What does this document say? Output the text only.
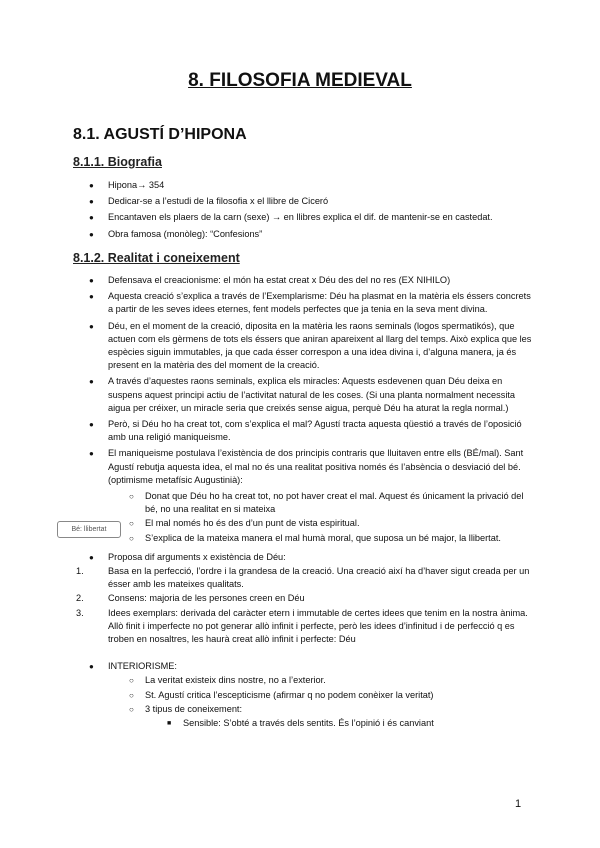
8. FILOSOFIA MEDIEVAL
8.1. AGUSTÍ D’HIPONA
8.1.1. Biografia
● Hipona→ 354
● Dedicar-se a l’estudi de la filosofia x el llibre de Ciceró
● Encantaven els plaers de la carn (sexe) → en llibres explica el dif. de mantenir-se en castedat.
● Obra famosa (monòleg): “Confesions”
8.1.2. Realitat i coneixement
● Defensava el creacionisme: el món ha estat creat x Déu des del no res (EX NIHILO)
● Aquesta creació s’explica a través de l’Exemplarisme: Déu ha plasmat en la matèria els éssers concrets a partir de les seves idees eternes, fent models perfectes que ja tenia en la seva ment divina.
● Déu, en el moment de la creació, diposita en la matèria les raons seminals (logos spermatikós), que actuen com els gèrmens de tots els éssers que aniran apareixent al llarg del temps. Això explica que les espècies siguin immutables, ja que cada ésser correspon a una idea divina i, d’alguna manera, ja és present en la matèria des del moment de la creació.
● A través d’aquestes raons seminals, explica els miracles: Aquests esdevenen quan Déu deixa en suspens aquest principi actiu de l’activitat natural de les coses. (Si una planta normalment necessita aigua per créixer, un miracle seria que creixés sense aigua, perquè Déu ha aturat la regla normal.)
● Però, si Déu ho ha creat tot, com s’explica el mal? Agustí tracta aquesta qüestió a través de l’oposició amb una religió maniqueisme.
● El maniqueisme postulava l’existència de dos principis contraris que lluitaven entre ells (BÉ/mal). Sant Agustí rebutja aquesta idea, el mal no és una realitat positiva només és l’absència o desviació del bé. (optimisme metafísic Augustinià):
○ Donat que Déu ho ha creat tot, no pot haver creat el mal. Aquest és únicament la privació del bé, no una realitat en si mateixa
○ El mal només ho és des d’un punt de vista espiritual.
○ S’explica de la mateixa manera el mal humà moral, que suposa un bé major, la llibertat.
● Proposa dif arguments x existència de Déu:
1.	Basa en la perfecció, l’ordre i la grandesa de la creació. Una creació així ha d’haver sigut creada per un ésser amb les mateixes qualitats.
2.	Consens: majoria de les persones creen en Déu
3.	Idees exemplars: derivada del caràcter etern i immutable de certes idees que tenim en la nostra ànima. Allò finit i imperfecte no pot generar allò infinit i perfecte, però les idees d’infinitud i de perfecció q es troben en nosaltres, les haurà creat allò infinit i perfecte: Déu
● INTERIORISME:
○ La veritat existeix dins nostre, no a l’exterior.
○ St. Agustí critica l’escepticisme (afirmar q no podem conèixer la veritat)
○ 3 tipus de coneixement:
■ Sensible: S’obté a través dels sentits. És l’opinió i és canviant
Bé: llibertat
1
